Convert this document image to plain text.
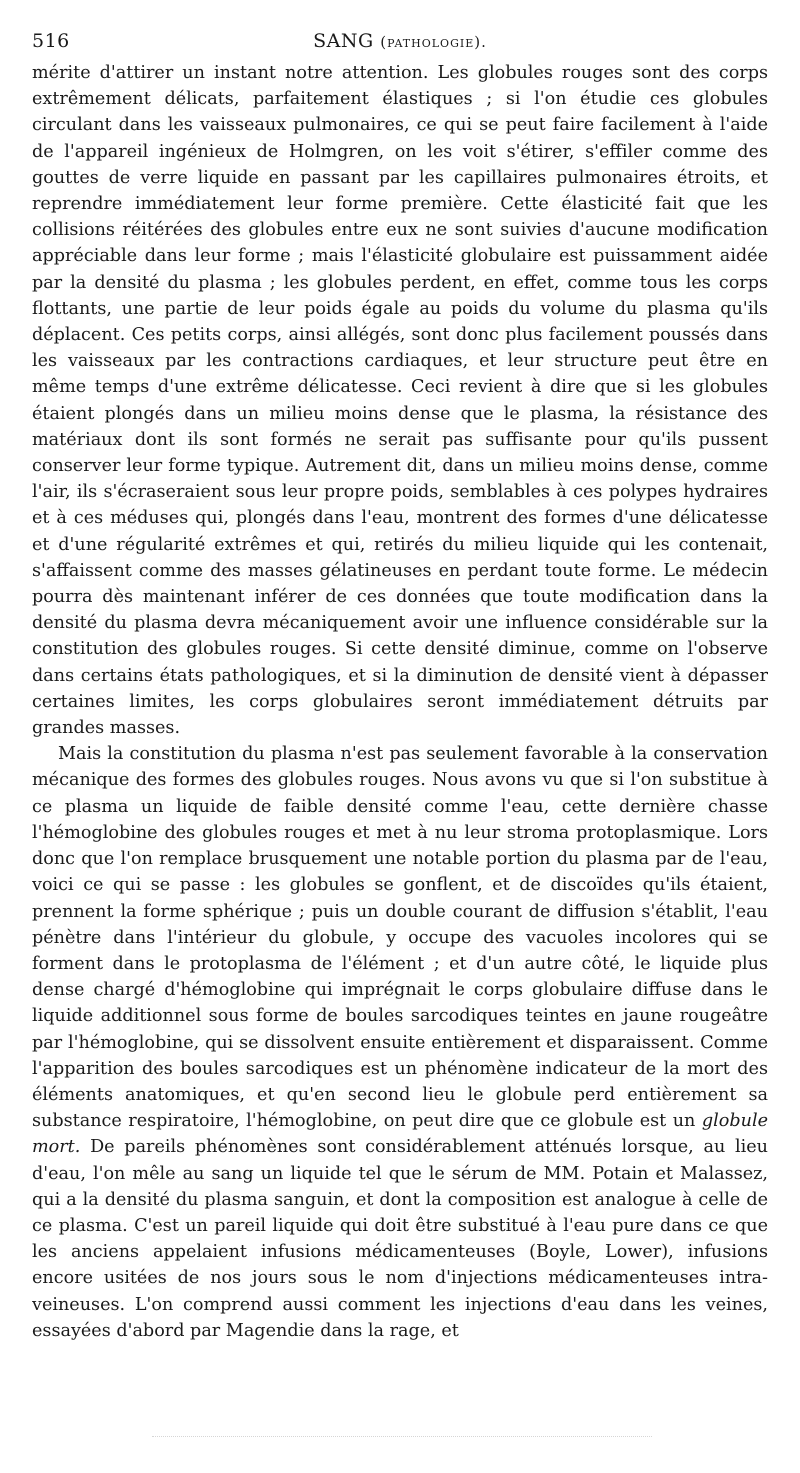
516	SANG (pathologie).

mérite d'attirer un instant notre attention. Les globules rouges sont des corps extrêmement délicats, parfaitement élastiques ; si l'on étudie ces globules circulant dans les vaisseaux pulmonaires, ce qui se peut faire facilement à l'aide de l'appareil ingénieux de Holmgren, on les voit s'étirer, s'effiler comme des gouttes de verre liquide en passant par les capillaires pulmonaires étroits, et reprendre immédiatement leur forme première. Cette élasticité fait que les collisions réitérées des globules entre eux ne sont suivies d'aucune modification appréciable dans leur forme ; mais l'élasticité globulaire est puissamment aidée par la densité du plasma ; les globules perdent, en effet, comme tous les corps flottants, une partie de leur poids égale au poids du volume du plasma qu'ils déplacent. Ces petits corps, ainsi allégés, sont donc plus facilement poussés dans les vaisseaux par les contractions cardiaques, et leur structure peut être en même temps d'une extrême délicatesse. Ceci revient à dire que si les globules étaient plongés dans un milieu moins dense que le plasma, la résistance des matériaux dont ils sont formés ne serait pas suffisante pour qu'ils pussent conserver leur forme typique. Autrement dit, dans un milieu moins dense, comme l'air, ils s'écraseraient sous leur propre poids, semblables à ces polypes hydraires et à ces méduses qui, plongés dans l'eau, montrent des formes d'une délicatesse et d'une régularité extrêmes et qui, retirés du milieu liquide qui les contenait, s'affaissent comme des masses gélatineuses en perdant toute forme. Le médecin pourra dès maintenant inférer de ces données que toute modification dans la densité du plasma devra mécaniquement avoir une influence considérable sur la constitution des globules rouges. Si cette densité diminue, comme on l'observe dans certains états pathologiques, et si la diminution de densité vient à dépasser certaines limites, les corps globulaires seront immédiatement détruits par grandes masses.

Mais la constitution du plasma n'est pas seulement favorable à la conservation mécanique des formes des globules rouges. Nous avons vu que si l'on substitue à ce plasma un liquide de faible densité comme l'eau, cette dernière chasse l'hémoglobine des globules rouges et met à nu leur stroma protoplasmique. Lors donc que l'on remplace brusquement une notable portion du plasma par de l'eau, voici ce qui se passe : les globules se gonflent, et de discoïdes qu'ils étaient, prennent la forme sphérique ; puis un double courant de diffusion s'établit, l'eau pénètre dans l'intérieur du globule, y occupe des vacuoles incolores qui se forment dans le protoplasma de l'élément ; et d'un autre côté, le liquide plus dense chargé d'hémoglobine qui imprégnait le corps globulaire diffuse dans le liquide additionnel sous forme de boules sarcodiques teintes en jaune rougeâtre par l'hémoglobine, qui se dissolvent ensuite entièrement et disparaissent. Comme l'apparition des boules sarcodiques est un phénomène indicateur de la mort des éléments anatomiques, et qu'en second lieu le globule perd entièrement sa substance respiratoire, l'hémoglobine, on peut dire que ce globule est un globule mort. De pareils phénomènes sont considérablement atténués lorsque, au lieu d'eau, l'on mêle au sang un liquide tel que le sérum de MM. Potain et Malassez, qui a la densité du plasma sanguin, et dont la composition est analogue à celle de ce plasma. C'est un pareil liquide qui doit être substitué à l'eau pure dans ce que les anciens appelaient infusions médicamenteuses (Boyle, Lower), infusions encore usitées de nos jours sous le nom d'injections médicamenteuses intra-veineuses. L'on comprend aussi comment les injections d'eau dans les veines, essayées d'abord par Magendie dans la rage, et
